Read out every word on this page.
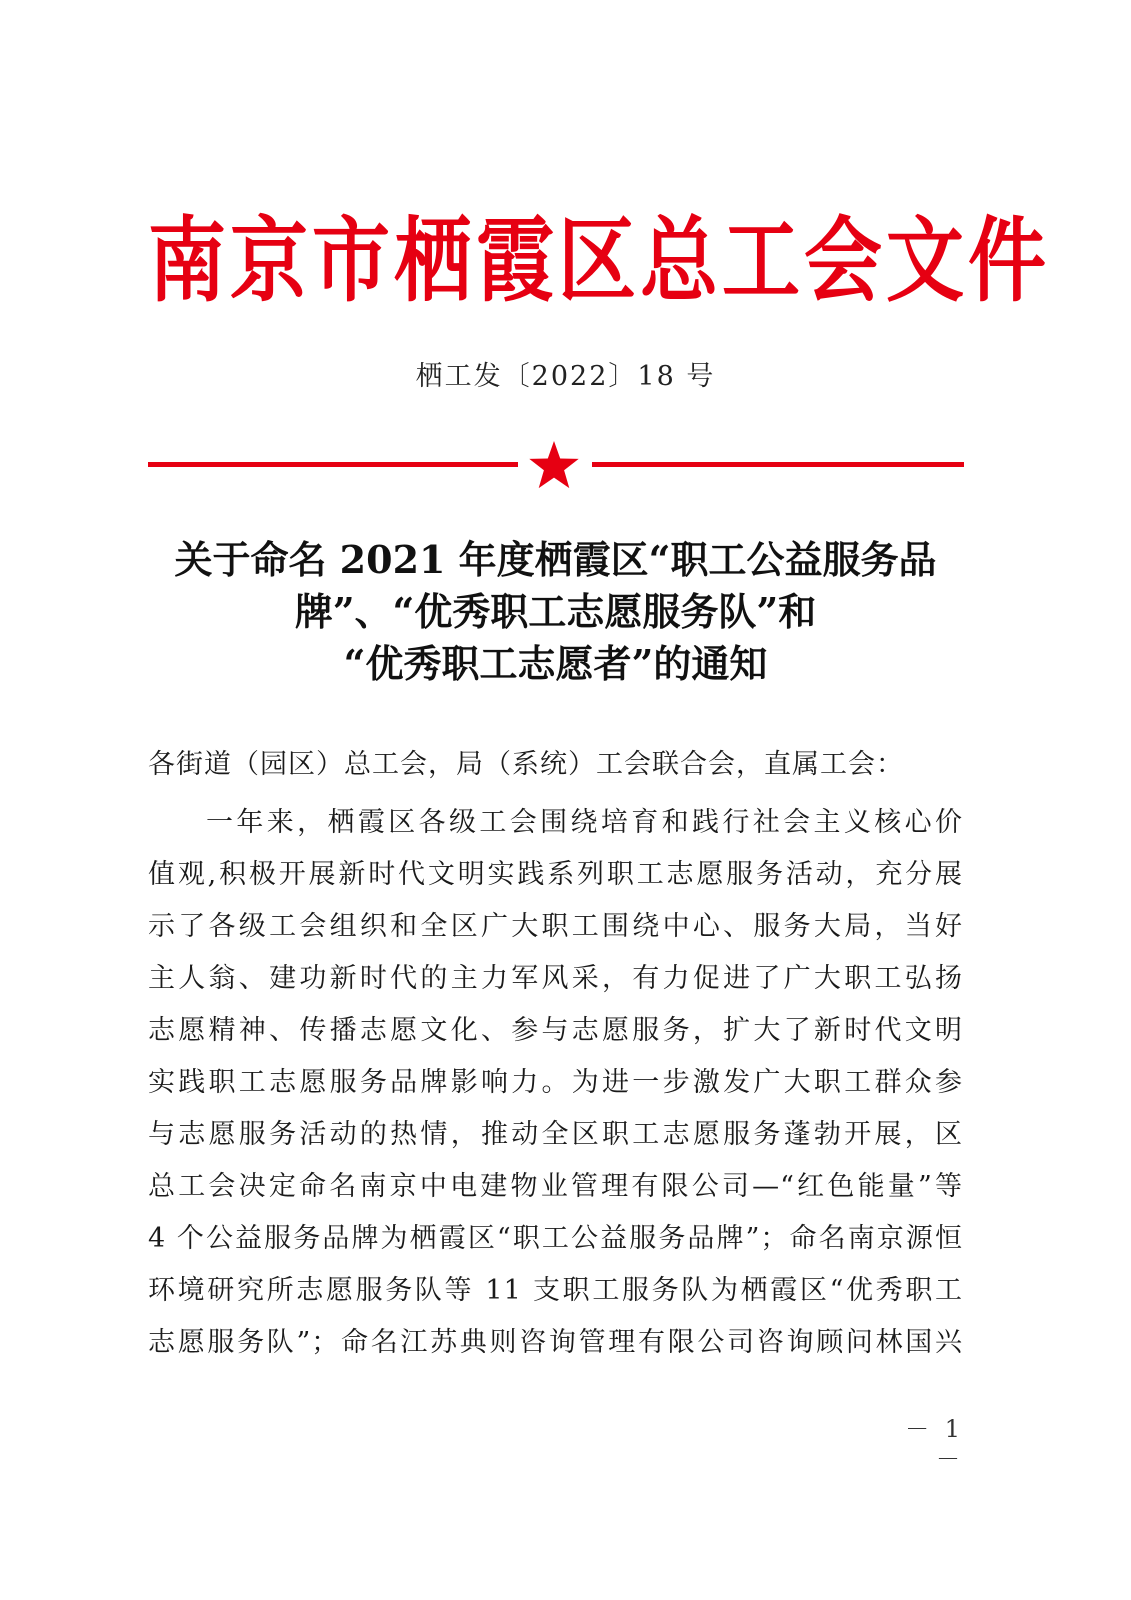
南京市栖霞区总工会文件
栖工发〔2022〕18 号
关于命名 2021 年度栖霞区“职工公益服务品
牌”、“优秀职工志愿服务队”和
“优秀职工志愿者”的通知
各街道（园区）总工会，局（系统）工会联合会，直属工会：
一年来，栖霞区各级工会围绕培育和践行社会主义核心价
值观,积极开展新时代文明实践系列职工志愿服务活动，充分展
示了各级工会组织和全区广大职工围绕中心、服务大局，当好
主人翁、建功新时代的主力军风采，有力促进了广大职工弘扬
志愿精神、传播志愿文化、参与志愿服务，扩大了新时代文明
实践职工志愿服务品牌影响力。为进一步激发广大职工群众参
与志愿服务活动的热情，推动全区职工志愿服务蓬勃开展，区
总工会决定命名南京中电建物业管理有限公司—“红色能量”等
4 个公益服务品牌为栖霞区“职工公益服务品牌”；命名南京源恒
环境研究所志愿服务队等 11 支职工服务队为栖霞区“优秀职工
志愿服务队”；命名江苏典则咨询管理有限公司咨询顾问林国兴
－ 1 －
